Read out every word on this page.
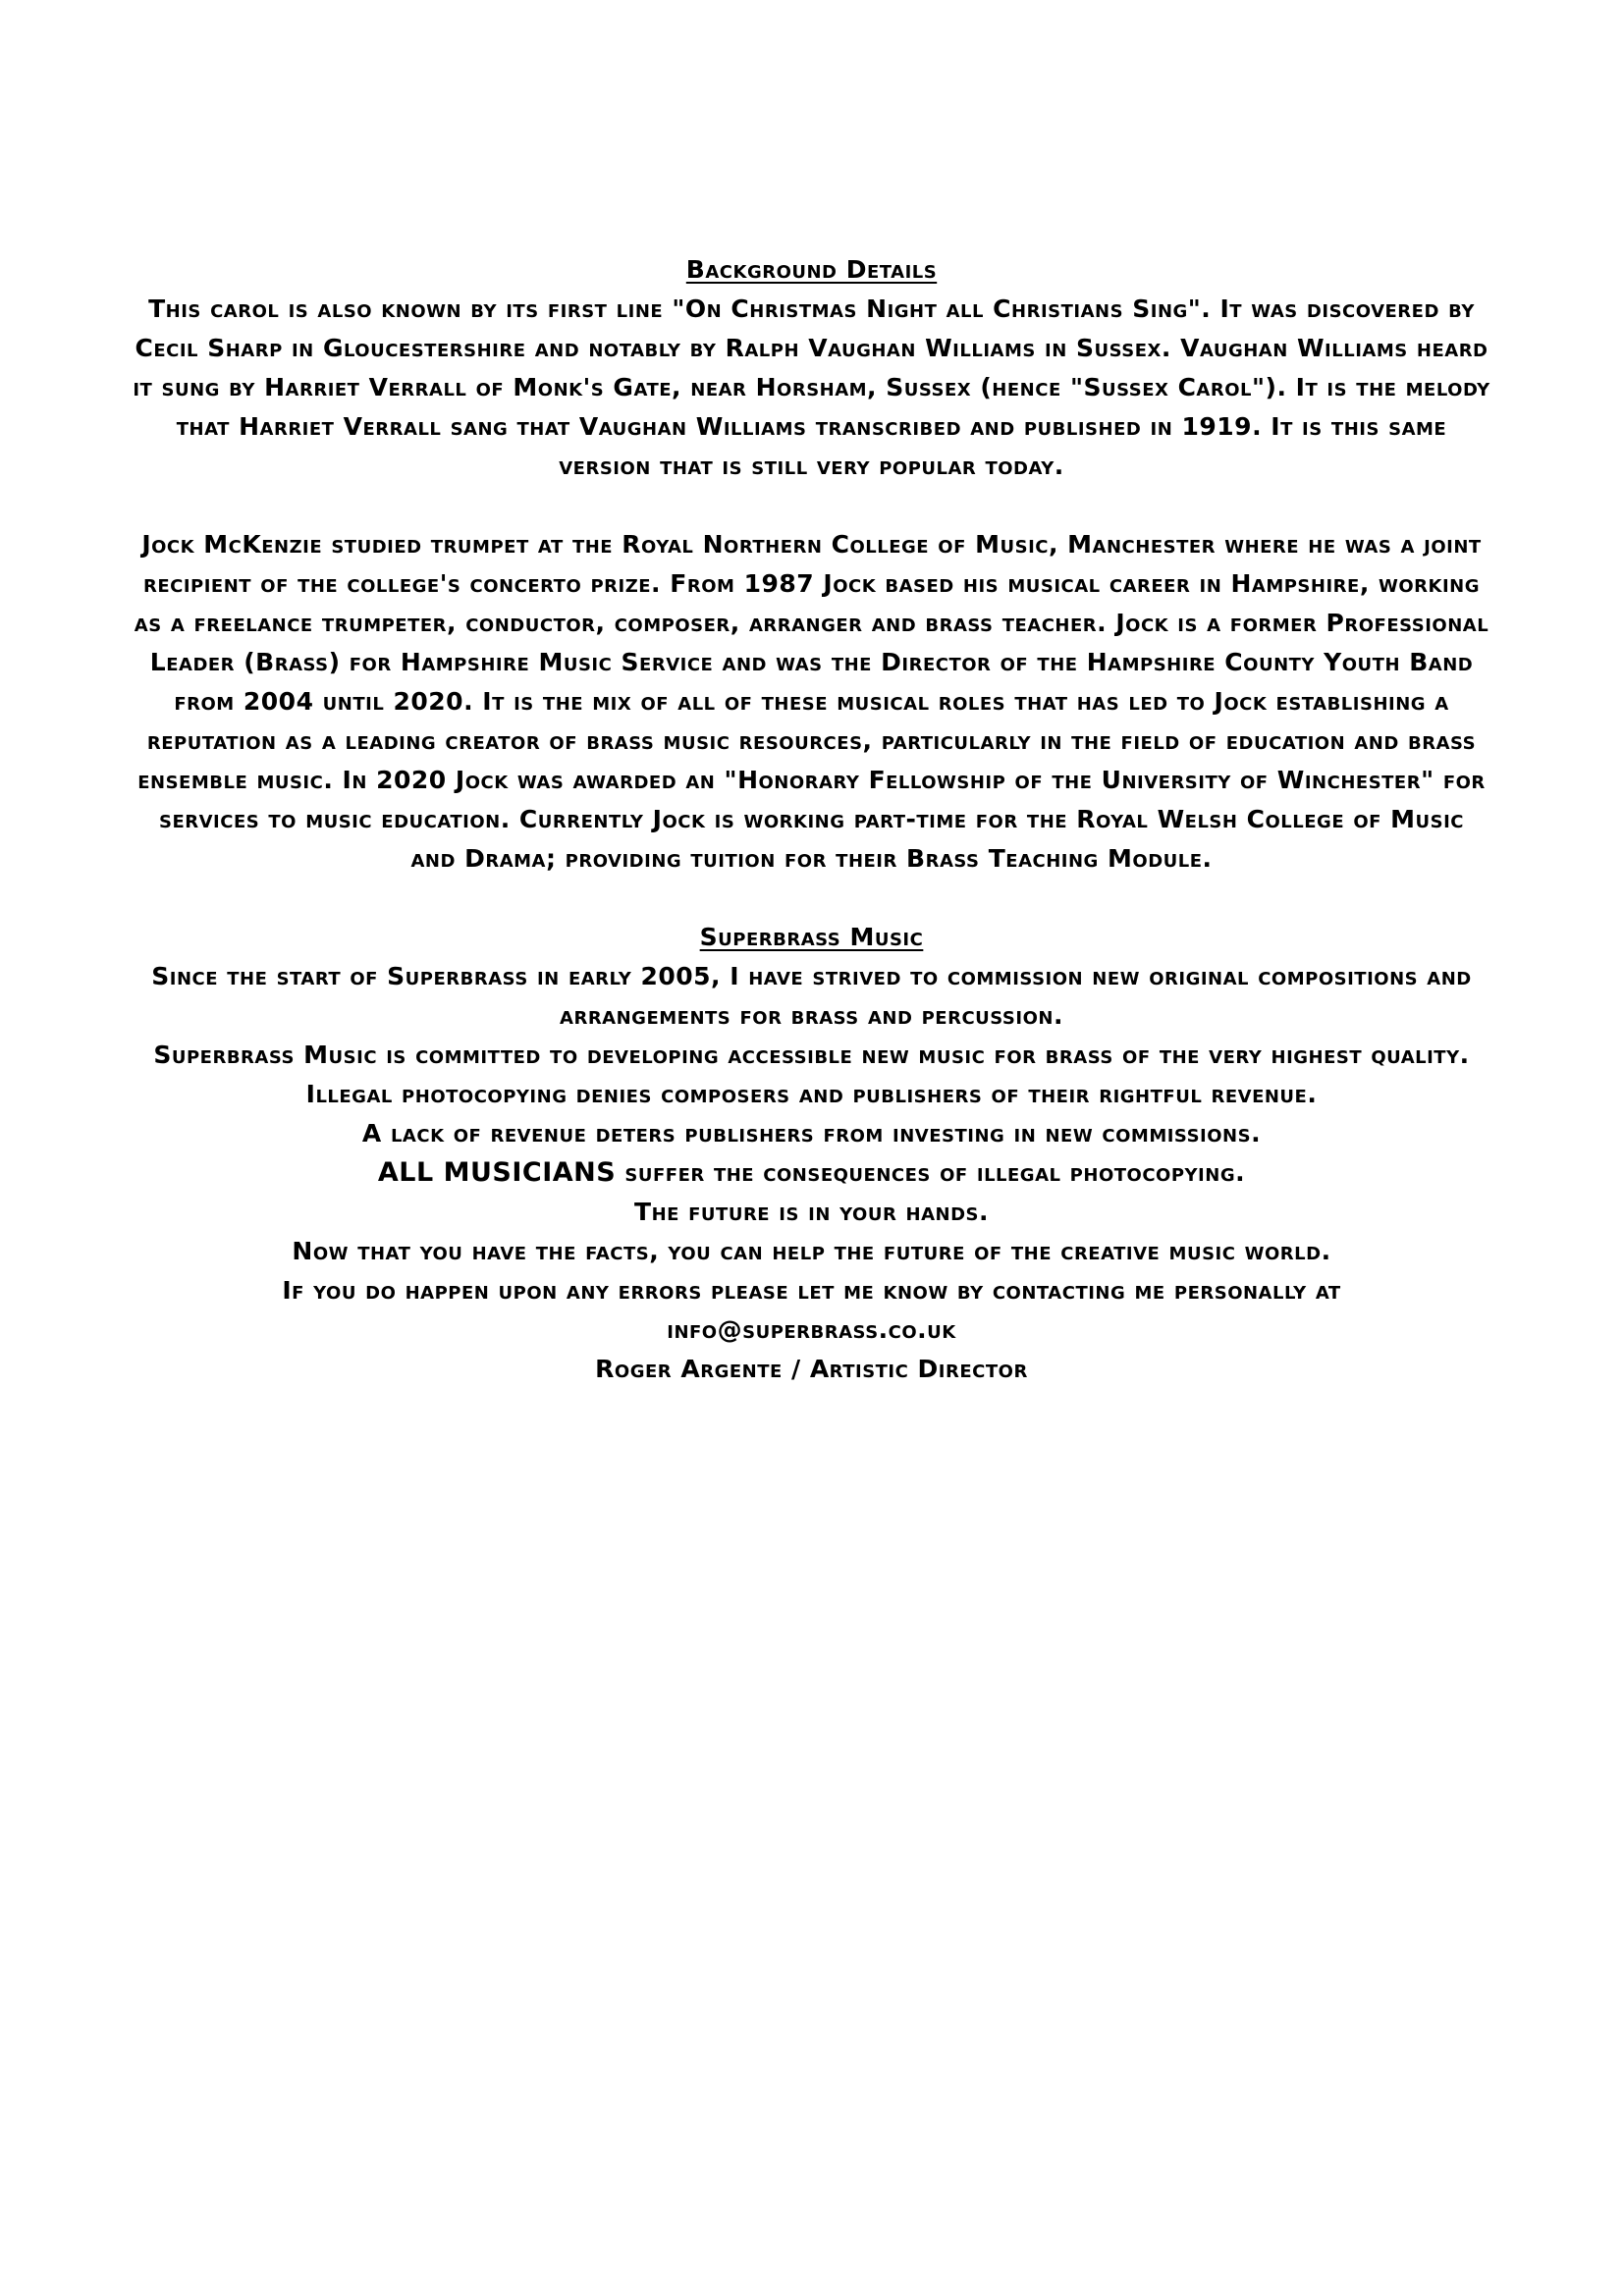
Background Details

This carol is also known by its first line "On Christmas Night all Christians Sing". It was discovered by Cecil Sharp in Gloucestershire and notably by Ralph Vaughan Williams in Sussex. Vaughan Williams heard it sung by Harriet Verrall of Monk's Gate, near Horsham, Sussex (hence "Sussex Carol"). It is the melody that Harriet Verrall sang that Vaughan Williams transcribed and published in 1919. It is this same version that is still very popular today.

Jock McKenzie studied trumpet at the Royal Northern College of Music, Manchester where he was a joint recipient of the college's concerto prize. From 1987 Jock based his musical career in Hampshire, working as a freelance trumpeter, conductor, composer, arranger and brass teacher. Jock is a former Professional Leader (Brass) for Hampshire Music Service and was the Director of the Hampshire County Youth Band from 2004 until 2020. It is the mix of all of these musical roles that has led to Jock establishing a reputation as a leading creator of brass music resources, particularly in the field of education and brass ensemble music. In 2020 Jock was awarded an "Honorary Fellowship of the University of Winchester" for services to music education. Currently Jock is working part-time for the Royal Welsh College of Music and Drama; providing tuition for their Brass Teaching Module.

Superbrass Music
Since the start of Superbrass in early 2005, I have strived to commission new original compositions and arrangements for brass and percussion.
Superbrass Music is committed to developing accessible new music for brass of the very highest quality.
Illegal photocopying denies composers and publishers of their rightful revenue.
A lack of revenue deters publishers from investing in new commissions.
ALL MUSICIANS suffer the consequences of illegal photocopying.
The future is in your hands.
Now that you have the facts, you can help the future of the creative music world.
If you do happen upon any errors please let me know by contacting me personally at
info@superbrass.co.uk
Roger Argente / Artistic Director
